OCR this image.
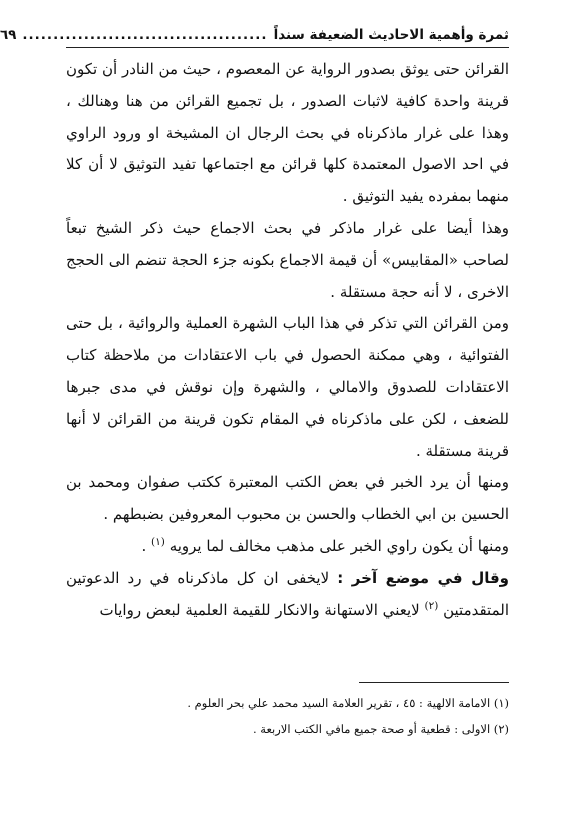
ثمرة وأهمية الاحاديث الضعيفة سنداً
........................................
٦٩

القرائن حتى يوثق بصدور الرواية عن المعصوم ، حيث من النادر أن تكون قرينة واحدة كافية لاثبات الصدور ، بل تجميع القرائن من هنا وهنالك ، وهذا على غرار ماذكرناه في بحث الرجال ان المشيخة او ورود الراوي في احد الاصول المعتمدة كلها قرائن مع اجتماعها تفيد التوثيق لا أن كلا منهما بمفرده يفيد التوثيق .

وهذا أيضا على غرار ماذكر في بحث الاجماع حيث ذكر الشيخ تبعاً لصاحب «المقابيس» أن قيمة الاجماع بكونه جزء الحجة تنضم الى الحجج الاخرى ، لا أنه حجة مستقلة .

ومن القرائن التي تذكر في هذا الباب الشهرة العملية والروائية ، بل حتى الفتوائية ، وهي ممكنة الحصول في باب الاعتقادات من ملاحظة كتاب الاعتقادات للصدوق والامالي ، والشهرة وإن نوقش في مدى جبرها للضعف ، لكن على ماذكرناه في المقام تكون قرينة من القرائن لا أنها قرينة مستقلة .

ومنها أن يرد الخبر في بعض الكتب المعتبرة ككتب صفوان ومحمد بن الحسين بن ابي الخطاب والحسن بن محبوب المعروفين بضبطهم .

ومنها أن يكون راوي الخبر على مذهب مخالف لما يرويه $^{(١)}$ .

وقال في موضع آخر : لايخفى ان كل ماذكرناه في رد الدعوتين المتقدمتين $^{(٢)}$ لايعني الاستهانة والانكار للقيمة العلمية لبعض روايات

(١) الامامة الالهية : ٤٥ ، تقرير العلامة السيد محمد علي بحر العلوم .
(٢) الاولى : قطعية أو صحة جميع مافي الكتب الاربعة .
